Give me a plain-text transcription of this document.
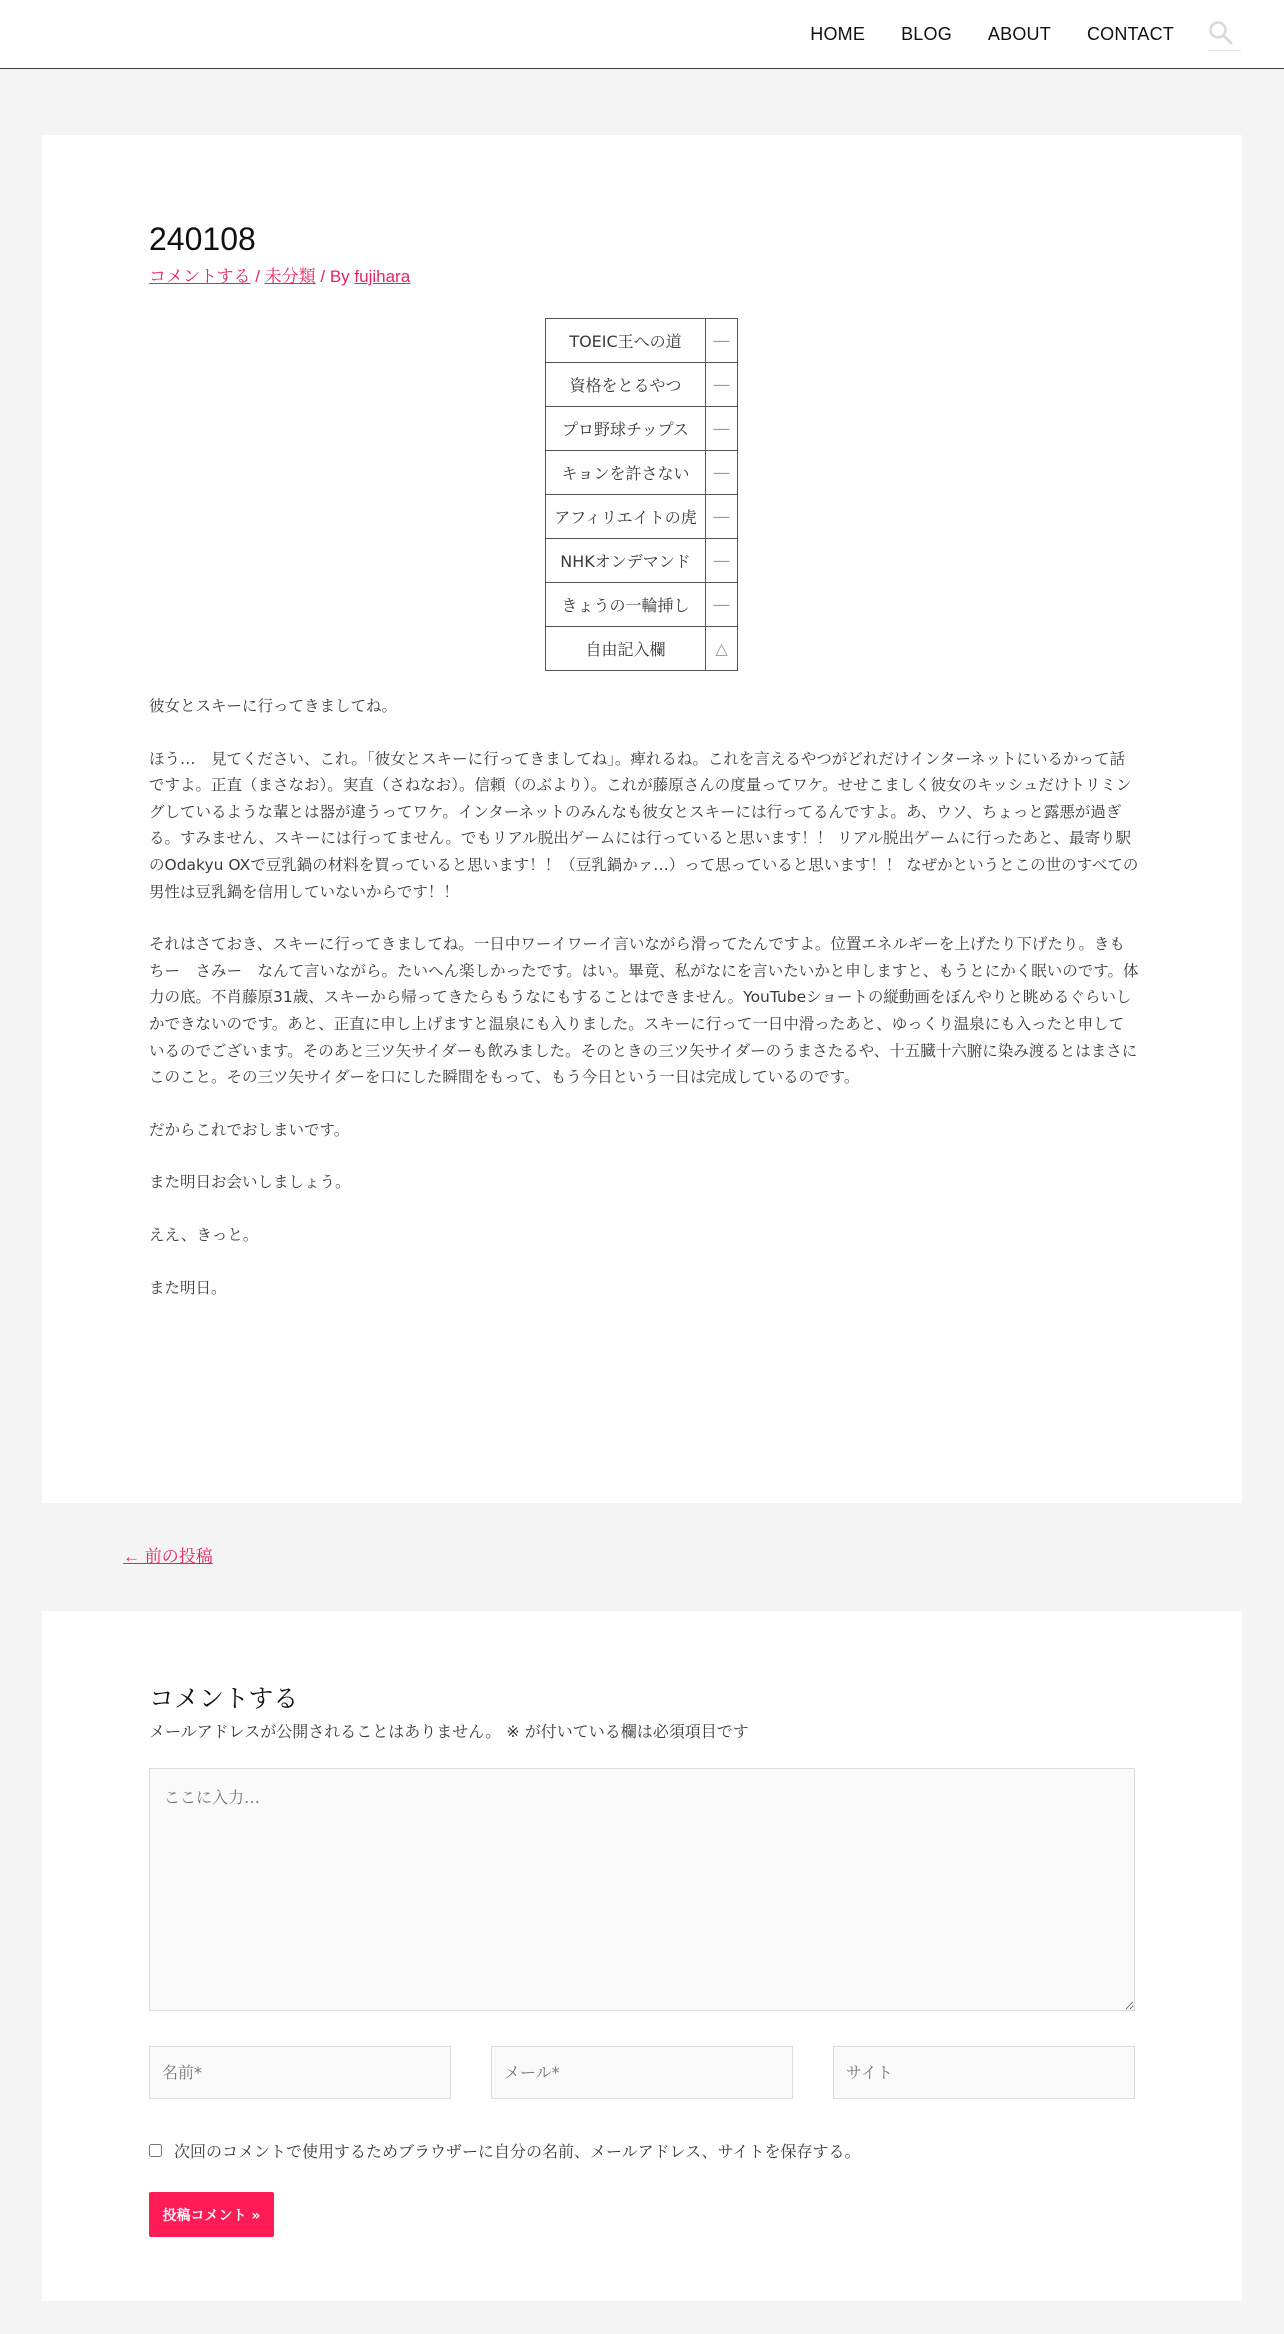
HOME BLOG ABOUT CONTACT
240108
コメントする / 未分類 / By fujihara
TOEIC王への道	―
資格をとるやつ	―
プロ野球チップス	―
キョンを許さない	―
アフィリエイトの虎	―
NHKオンデマンド	―
きょうの一輪挿し	―
自由記入欄	△

彼女とスキーに行ってきましてね。

ほう…　見てください、これ。「彼女とスキーに行ってきましてね」。痺れるね。これを言えるやつがどれだけインターネットにいるかって話ですよ。正直（まさなお）。実直（さねなお）。信頼（のぶより）。これが藤原さんの度量ってワケ。せせこましく彼女のキッシュだけトリミングしているような輩とは器が違うってワケ。インターネットのみんなも彼女とスキーには行ってるんですよ。あ、ウソ、ちょっと露悪が過ぎる。すみません、スキーには行ってません。でもリアル脱出ゲームには行っていると思います！！ リアル脱出ゲームに行ったあと、最寄り駅のOdakyu OXで豆乳鍋の材料を買っていると思います！！（豆乳鍋かァ…）って思っていると思います！！ なぜかというとこの世のすべての男性は豆乳鍋を信用していないからです！！

それはさておき、スキーに行ってきましてね。一日中ワーイワーイ言いながら滑ってたんですよ。位置エネルギーを上げたり下げたり。きもちー　さみー　なんて言いながら。たいへん楽しかったです。はい。畢竟、私がなにを言いたいかと申しますと、もうとにかく眠いのです。体力の底。不肖藤原31歳、スキーから帰ってきたらもうなにもすることはできません。YouTubeショートの縦動画をぼんやりと眺めるぐらいしかできないのです。あと、正直に申し上げますと温泉にも入りました。スキーに行って一日中滑ったあと、ゆっくり温泉にも入ったと申しているのでございます。そのあと三ツ矢サイダーも飲みました。そのときの三ツ矢サイダーのうまさたるや、十五臓十六腑に染み渡るとはまさにこのこと。その三ツ矢サイダーを口にした瞬間をもって、もう今日という一日は完成しているのです。

だからこれでおしまいです。

また明日お会いしましょう。

ええ、きっと。

また明日。

← 前の投稿
コメントする
メールアドレスが公開されることはありません。 ※ が付いている欄は必須項目です
ここに入力…
名前*
メール*
サイト
次回のコメントで使用するためブラウザーに自分の名前、メールアドレス、サイトを保存する。
投稿コメント »
